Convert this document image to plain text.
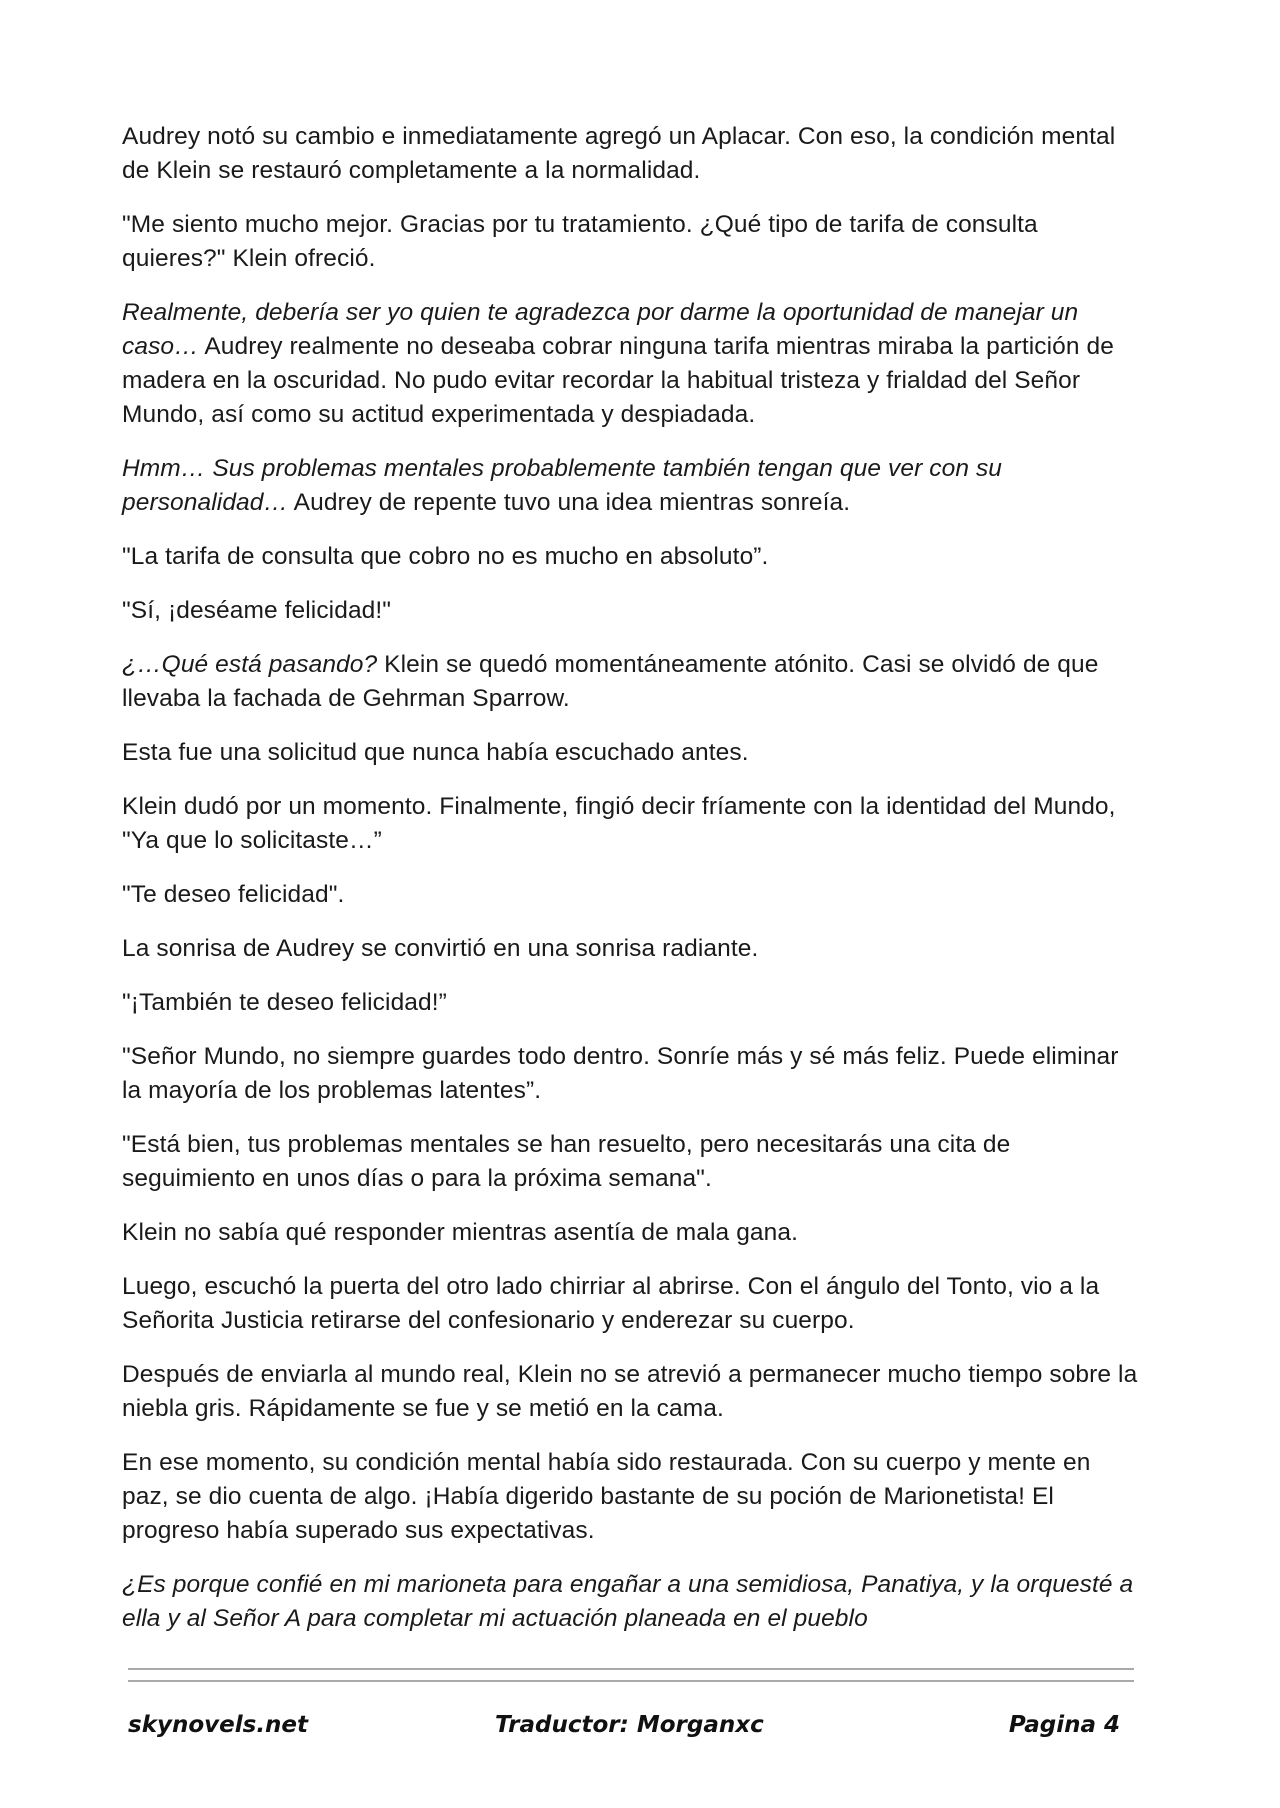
Audrey notó su cambio e inmediatamente agregó un Aplacar. Con eso, la condición mental de Klein se restauró completamente a la normalidad.

"Me siento mucho mejor. Gracias por tu tratamiento. ¿Qué tipo de tarifa de consulta quieres?" Klein ofreció.

Realmente, debería ser yo quien te agradezca por darme la oportunidad de manejar un caso… Audrey realmente no deseaba cobrar ninguna tarifa mientras miraba la partición de madera en la oscuridad. No pudo evitar recordar la habitual tristeza y frialdad del Señor Mundo, así como su actitud experimentada y despiadada.

Hmm… Sus problemas mentales probablemente también tengan que ver con su personalidad… Audrey de repente tuvo una idea mientras sonreía.

"La tarifa de consulta que cobro no es mucho en absoluto”.

"Sí, ¡deséame felicidad!"

¿…Qué está pasando? Klein se quedó momentáneamente atónito. Casi se olvidó de que llevaba la fachada de Gehrman Sparrow.

Esta fue una solicitud que nunca había escuchado antes.

Klein dudó por un momento. Finalmente, fingió decir fríamente con la identidad del Mundo, "Ya que lo solicitaste…”

"Te deseo felicidad".

La sonrisa de Audrey se convirtió en una sonrisa radiante.

"¡También te deseo felicidad!”

"Señor Mundo, no siempre guardes todo dentro. Sonríe más y sé más feliz. Puede eliminar la mayoría de los problemas latentes”.

"Está bien, tus problemas mentales se han resuelto, pero necesitarás una cita de seguimiento en unos días o para la próxima semana".

Klein no sabía qué responder mientras asentía de mala gana.

Luego, escuchó la puerta del otro lado chirriar al abrirse. Con el ángulo del Tonto, vio a la Señorita Justicia retirarse del confesionario y enderezar su cuerpo.

Después de enviarla al mundo real, Klein no se atrevió a permanecer mucho tiempo sobre la niebla gris. Rápidamente se fue y se metió en la cama.

En ese momento, su condición mental había sido restaurada. Con su cuerpo y mente en paz, se dio cuenta de algo. ¡Había digerido bastante de su poción de Marionetista! El progreso había superado sus expectativas.

¿Es porque confié en mi marioneta para engañar a una semidiosa, Panatiya, y la orquesté a ella y al Señor A para completar mi actuación planeada en el pueblo

skynovels.net	Traductor: Morganxc	Pagina 4
